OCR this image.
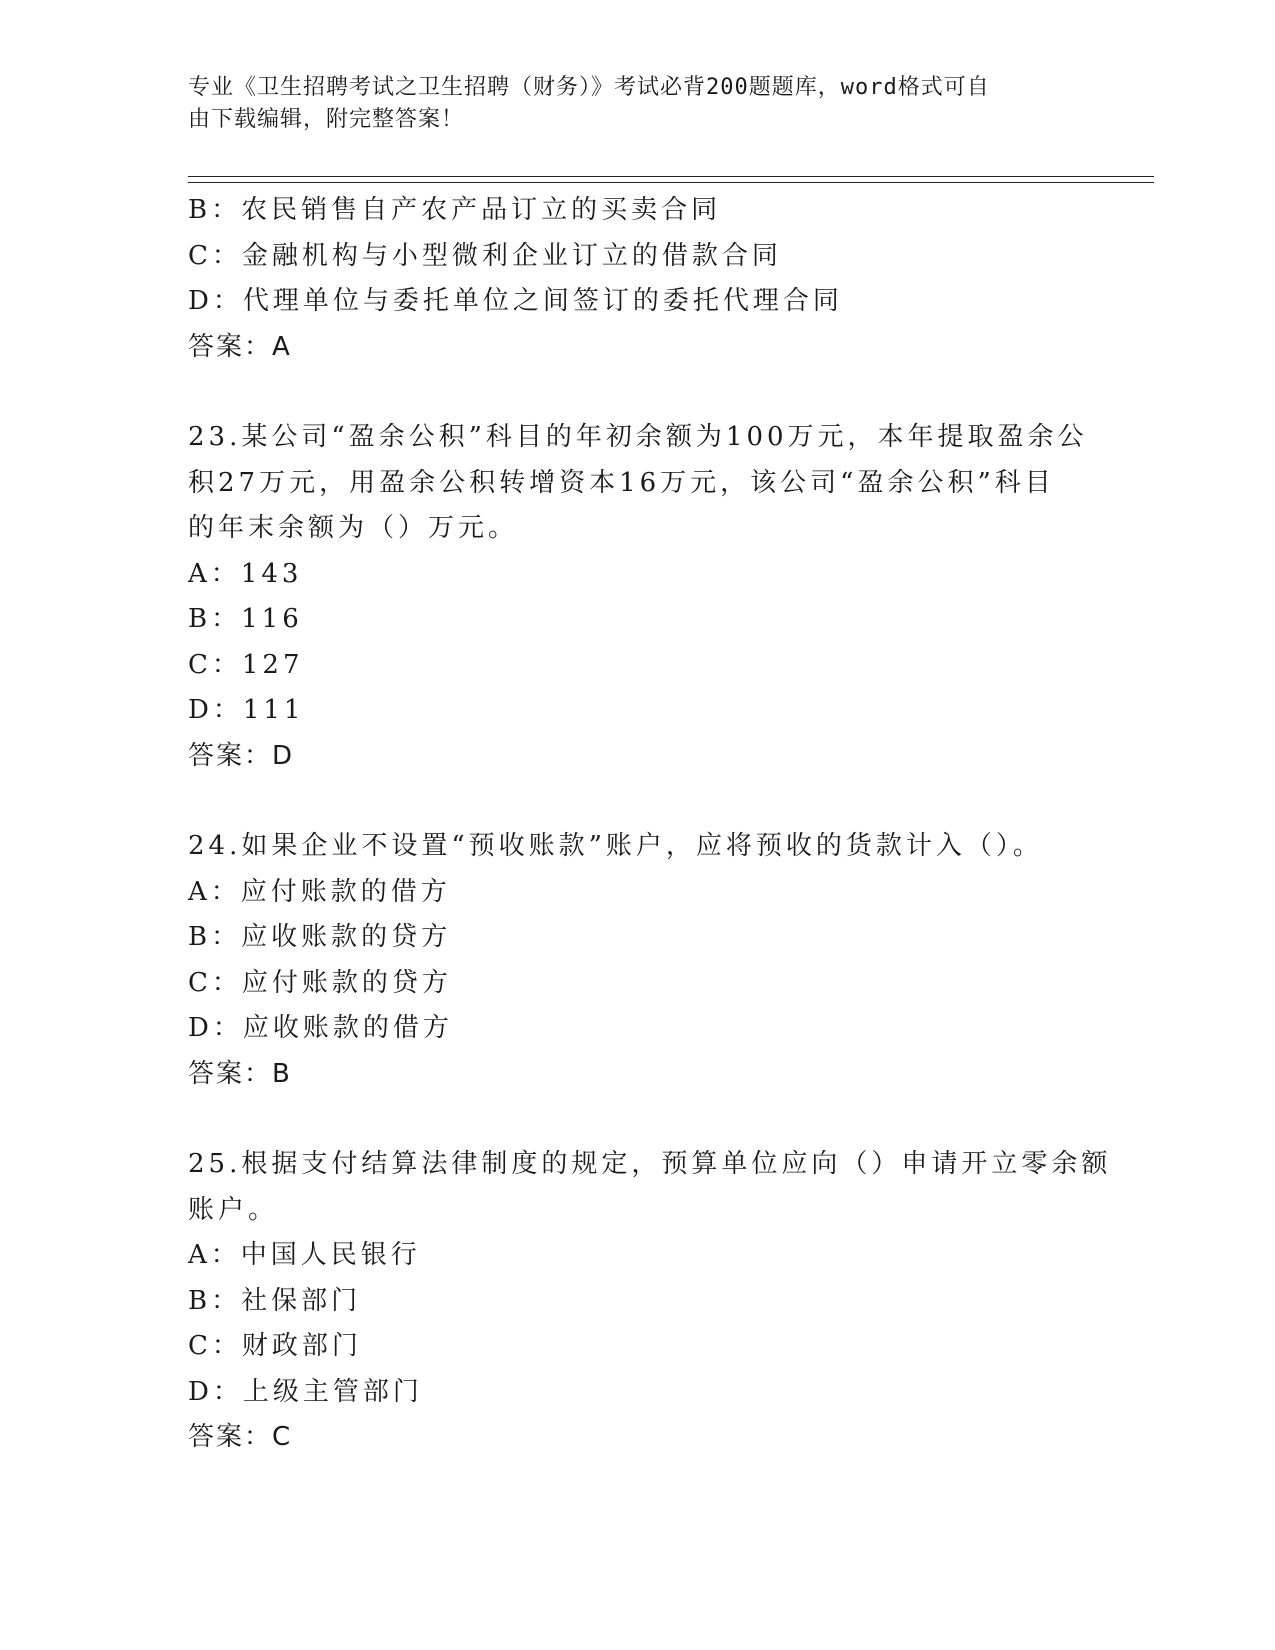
专业《卫生招聘考试之卫生招聘（财务）》考试必背200题题库，word格式可自
由下载编辑，附完整答案！
B：农民销售自产农产品订立的买卖合同
C：金融机构与小型微利企业订立的借款合同
D：代理单位与委托单位之间签订的委托代理合同
答案：A
23.某公司“盈余公积”科目的年初余额为100万元，本年提取盈余公
积27万元，用盈余公积转增资本16万元，该公司“盈余公积”科目
的年末余额为（）万元。
A：143
B：116
C：127
D：111
答案：D
24.如果企业不设置“预收账款”账户，应将预收的货款计入（）。
A：应付账款的借方
B：应收账款的贷方
C：应付账款的贷方
D：应收账款的借方
答案：B
25.根据支付结算法律制度的规定，预算单位应向（）申请开立零余额
账户。
A：中国人民银行
B：社保部门
C：财政部门
D：上级主管部门
答案：C
